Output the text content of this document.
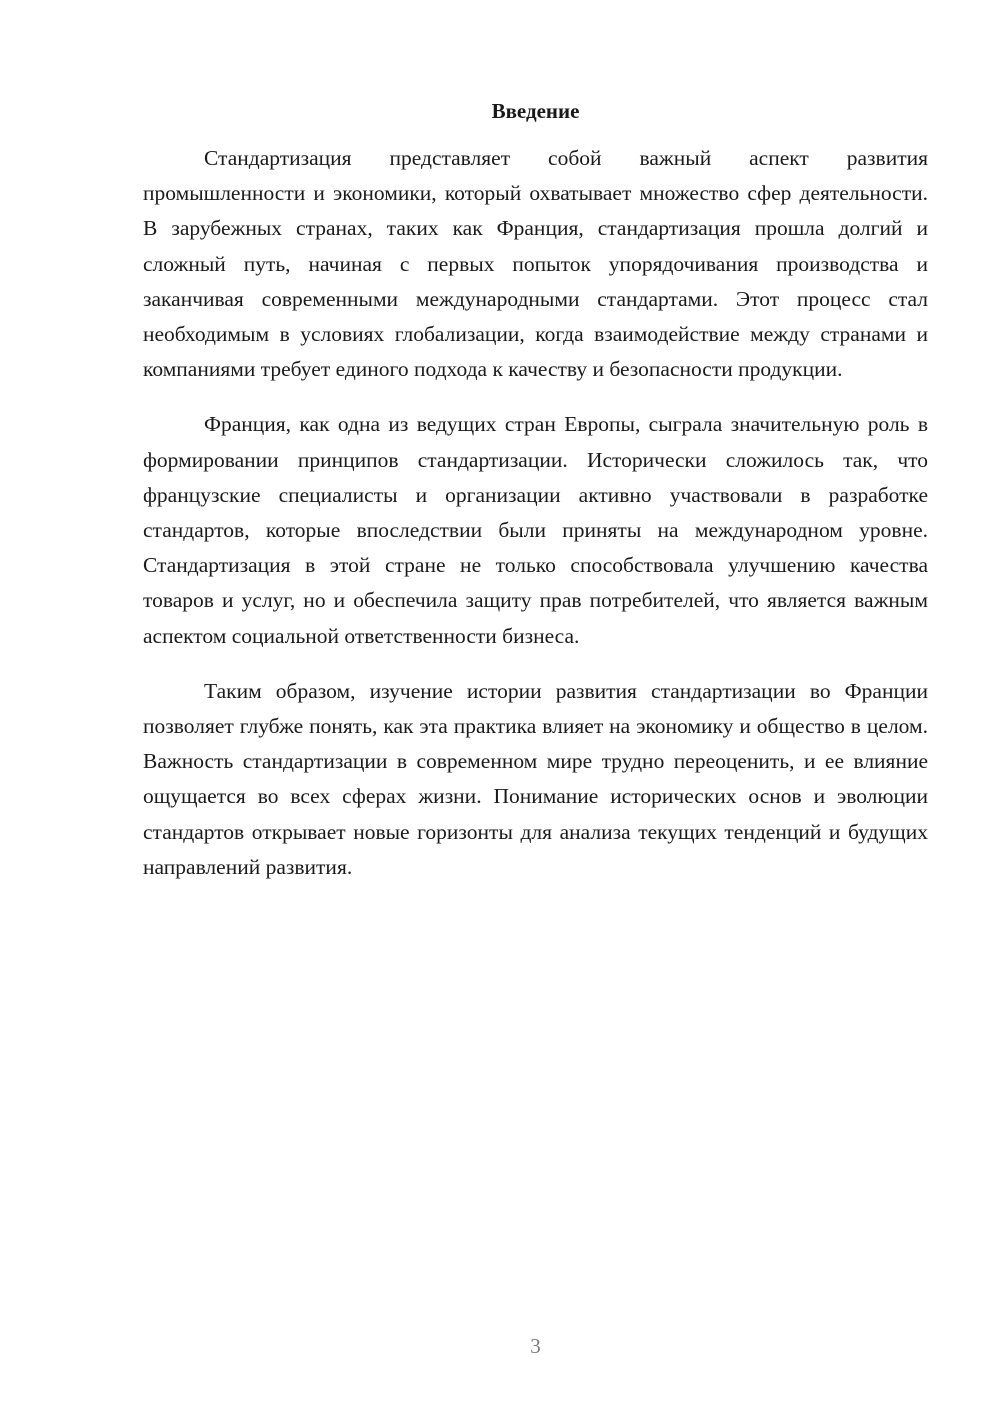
Введение

Стандартизация представляет собой важный аспект развития промышленности и экономики, который охватывает множество сфер деятельности. В зарубежных странах, таких как Франция, стандартизация прошла долгий и сложный путь, начиная с первых попыток упорядочивания производства и заканчивая современными международными стандартами. Этот процесс стал необходимым в условиях глобализации, когда взаимодействие между странами и компаниями требует единого подхода к качеству и безопасности продукции.

Франция, как одна из ведущих стран Европы, сыграла значительную роль в формировании принципов стандартизации. Исторически сложилось так, что французские специалисты и организации активно участвовали в разработке стандартов, которые впоследствии были приняты на международном уровне. Стандартизация в этой стране не только способствовала улучшению качества товаров и услуг, но и обеспечила защиту прав потребителей, что является важным аспектом социальной ответственности бизнеса.

Таким образом, изучение истории развития стандартизации во Франции позволяет глубже понять, как эта практика влияет на экономику и общество в целом. Важность стандартизации в современном мире трудно переоценить, и ее влияние ощущается во всех сферах жизни. Понимание исторических основ и эволюции стандартов открывает новые горизонты для анализа текущих тенденций и будущих направлений развития.

3
